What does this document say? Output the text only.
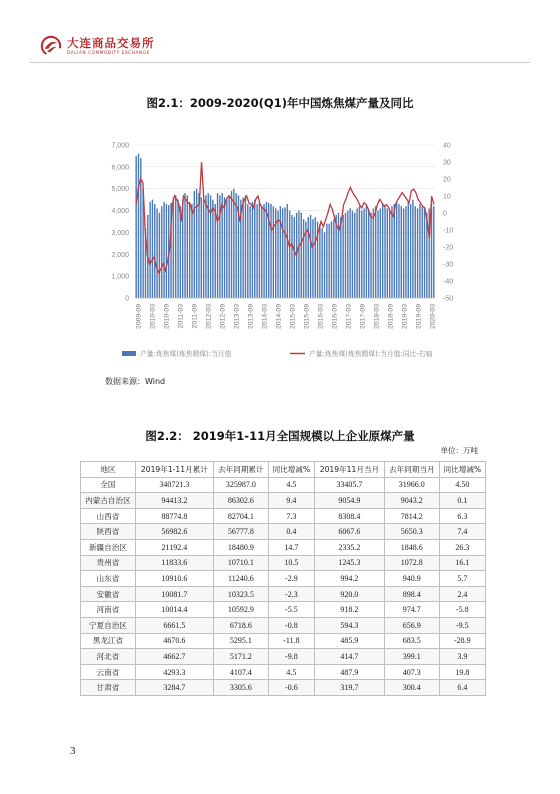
大连商品交易所
DALIAN COMMODITY EXCHANGE
图2.1：2009-2020(Q1)年中国炼焦煤产量及同比
0
1,000
2,000
3,000
4,000
5,000
6,000
7,000
-50
-40
-30
-20
-10
0
10
20
30
40
2009-09 2010-03 2010-09 2011-03 2011-09 2012-03 2012-09 2013-03 2013-09 2014-03 2014-09 2015-03 2015-09 2016-03 2016-09 2017-03 2017-09 2018-03 2018-09 2019-03 2019-09 2020-03
产量:炼焦煤(炼焦精煤):当月值	产量:炼焦煤(炼焦精煤):当月值:同比-右轴
数据来源：Wind
图2.2： 2019年1-11月全国规模以上企业原煤产量
单位：万吨
地区	2019年1-11月累计	去年同期累计	同比增减%	2019年11月当月	去年同期当月	同比增减%
全国	340721.3	325987.0	4.5	33405.7	31966.0	4.50
内蒙古自治区	94413.2	86302.6	9.4	9054.9	9043.2	0.1
山西省	88774.8	82704.1	7.3	8308.4	7814.2	6.3
陕西省	56982.6	56777.8	0.4	6067.6	5650.3	7.4
新疆自治区	21192.4	18480.9	14.7	2335.2	1848.6	26.3
贵州省	11833.6	10710.1	10.5	1245.3	1072.8	16.1
山东省	10910.6	11240.6	-2.9	994.2	940.9	5.7
安徽省	10081.7	10323.5	-2.3	920.0	898.4	2.4
河南省	10014.4	10592.9	-5.5	918.2	974.7	-5.8
宁夏自治区	6661.5	6718.6	-0.8	594.3	656.9	-9.5
黑龙江省	4670.6	5295.1	-11.8	485.9	683.5	-28.9
河北省	4662.7	5171.2	-9.8	414.7	399.1	3.9
云南省	4293.3	4107.4	4.5	487.9	407.3	19.8
甘肃省	3284.7	3305.6	-0.6	319.7	300.4	6.4
3
